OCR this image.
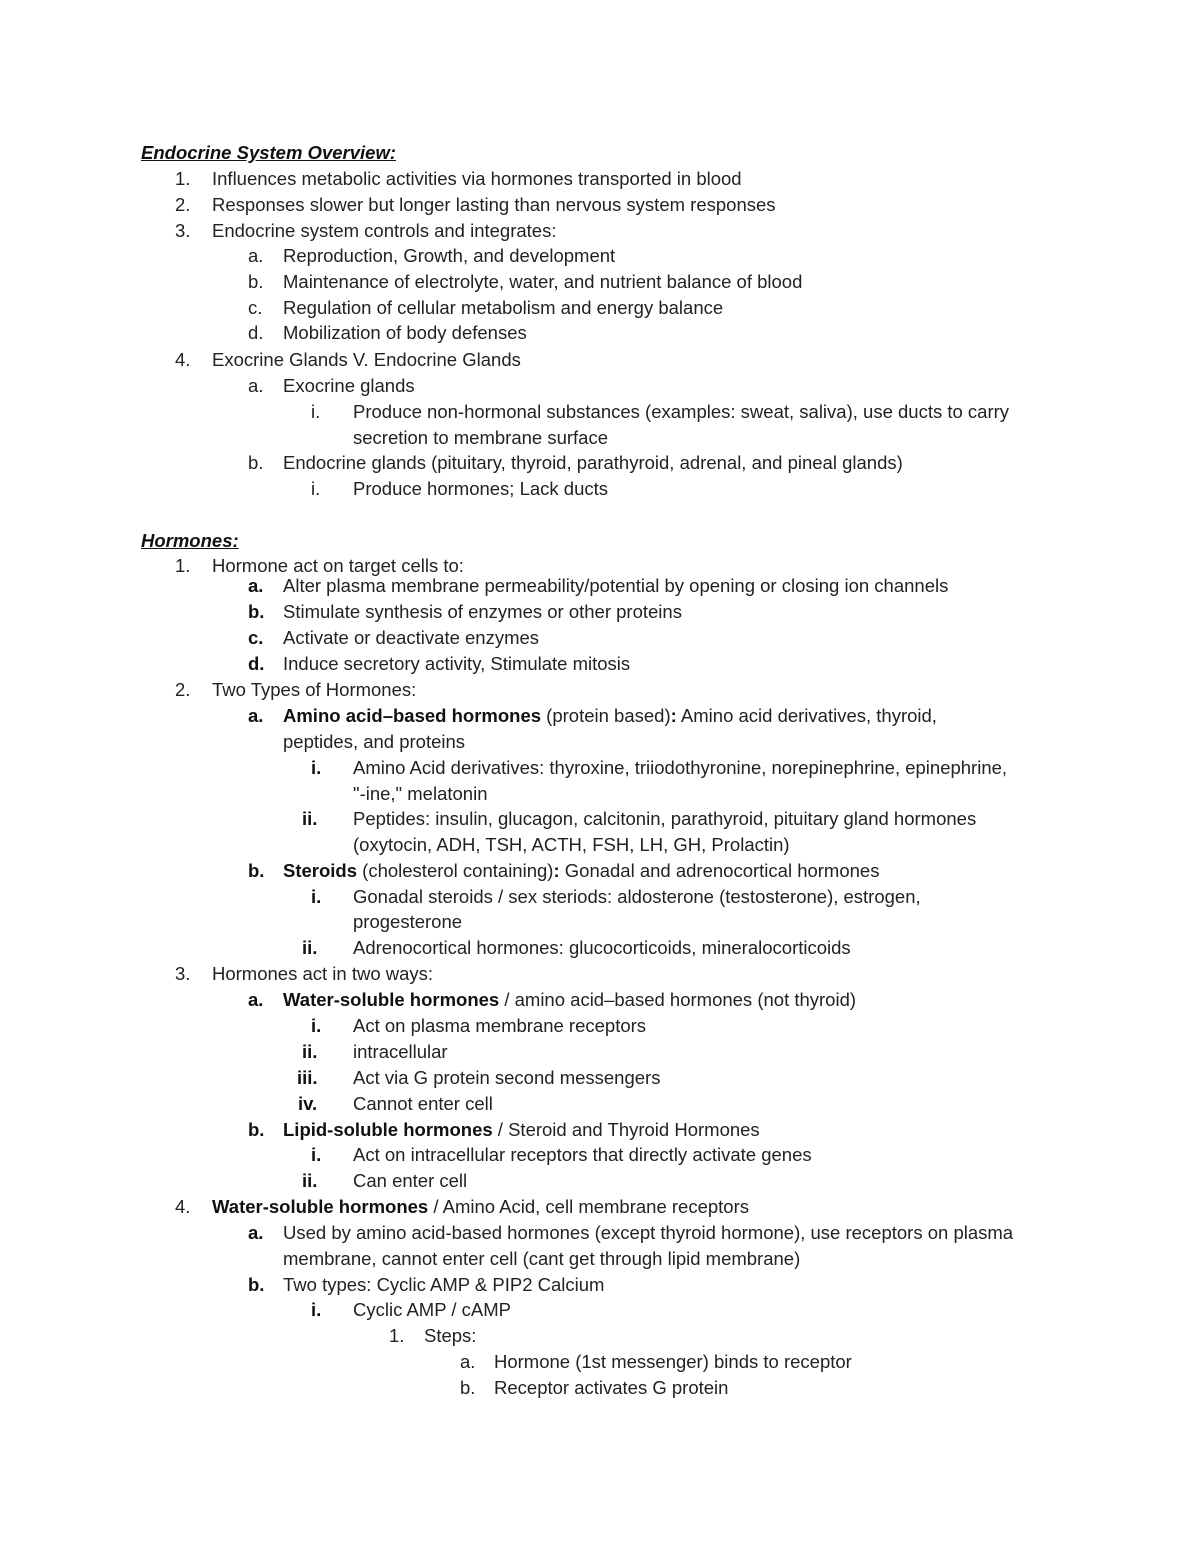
Endocrine System Overview:
1. Influences metabolic activities via hormones transported in blood
2. Responses slower but longer lasting than nervous system responses
3. Endocrine system controls and integrates:
a. Reproduction, Growth, and development
b. Maintenance of electrolyte, water, and nutrient balance of blood
c. Regulation of cellular metabolism and energy balance
d. Mobilization of body defenses
4. Exocrine Glands V. Endocrine Glands
a. Exocrine glands
i. Produce non-hormonal substances (examples: sweat, saliva), use ducts to carry
secretion to membrane surface
b. Endocrine glands (pituitary, thyroid, parathyroid, adrenal, and pineal glands)
i. Produce hormones; Lack ducts
Hormones:
1. Hormone act on target cells to:
a. Alter plasma membrane permeability/potential by opening or closing ion channels
b. Stimulate synthesis of enzymes or other proteins
c. Activate or deactivate enzymes
d. Induce secretory activity, Stimulate mitosis
2. Two Types of Hormones:
a. Amino acid–based hormones (protein based): Amino acid derivatives, thyroid,
peptides, and proteins
i. Amino Acid derivatives: thyroxine, triiodothyronine, norepinephrine, epinephrine,
"-ine," melatonin
ii. Peptides: insulin, glucagon, calcitonin, parathyroid, pituitary gland hormones
(oxytocin, ADH, TSH, ACTH, FSH, LH, GH, Prolactin)
b. Steroids (cholesterol containing): Gonadal and adrenocortical hormones
i. Gonadal steroids / sex steriods: aldosterone (testosterone), estrogen,
progesterone
ii. Adrenocortical hormones: glucocorticoids, mineralocorticoids
3. Hormones act in two ways:
a. Water-soluble hormones / amino acid–based hormones (not thyroid)
i. Act on plasma membrane receptors
ii. intracellular
iii. Act via G protein second messengers
iv. Cannot enter cell
b. Lipid-soluble hormones / Steroid and Thyroid Hormones
i. Act on intracellular receptors that directly activate genes
ii. Can enter cell
4. Water-soluble hormones / Amino Acid, cell membrane receptors
a. Used by amino acid-based hormones (except thyroid hormone), use receptors on plasma
membrane, cannot enter cell (cant get through lipid membrane)
b. Two types: Cyclic AMP & PIP2 Calcium
i. Cyclic AMP / cAMP
1. Steps:
a. Hormone (1st messenger) binds to receptor
b. Receptor activates G protein
